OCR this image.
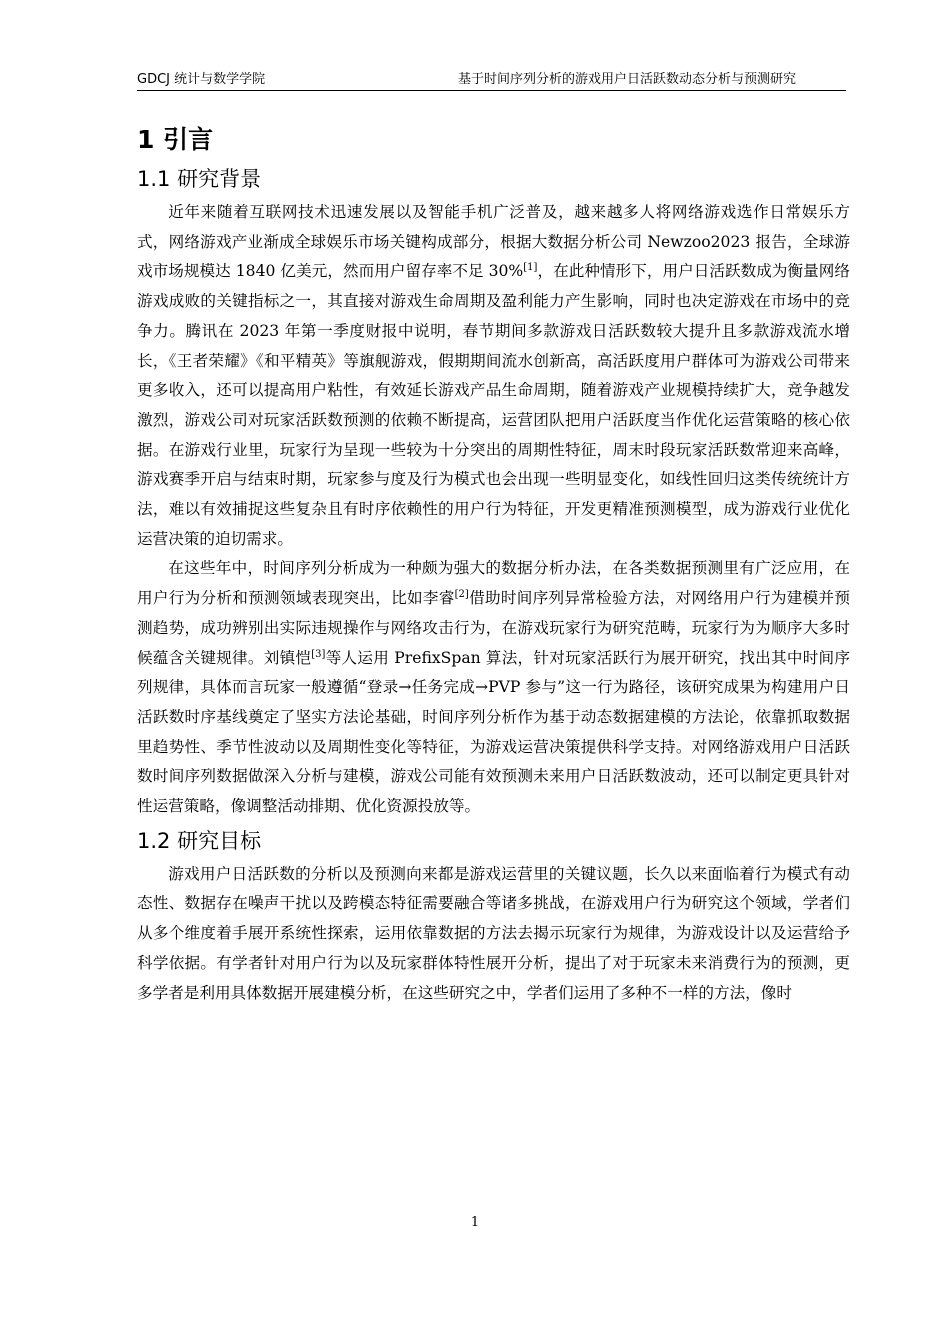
GDCJ 统计与数学学院	基于时间序列分析的游戏用户日活跃数动态分析与预测研究
1 引言
1.1 研究背景

近年来随着互联网技术迅速发展以及智能手机广泛普及，越来越多人将网络游戏选作日常娱乐方式，网络游戏产业渐成全球娱乐市场关键构成部分，根据大数据分析公司 Newzoo2023 报告，全球游戏市场规模达 1840 亿美元，然而用户留存率不足 30%[1]，在此种情形下，用户日活跃数成为衡量网络游戏成败的关键指标之一，其直接对游戏生命周期及盈利能力产生影响，同时也决定游戏在市场中的竞争力。腾讯在 2023 年第一季度财报中说明，春节期间多款游戏日活跃数较大提升且多款游戏流水增长，《王者荣耀》《和平精英》等旗舰游戏，假期期间流水创新高，高活跃度用户群体可为游戏公司带来更多收入，还可以提高用户粘性，有效延长游戏产品生命周期，随着游戏产业规模持续扩大，竞争越发激烈，游戏公司对玩家活跃数预测的依赖不断提高，运营团队把用户活跃度当作优化运营策略的核心依据。在游戏行业里，玩家行为呈现一些较为十分突出的周期性特征，周末时段玩家活跃数常迎来高峰，游戏赛季开启与结束时期，玩家参与度及行为模式也会出现一些明显变化，如线性回归这类传统统计方法，难以有效捕捉这些复杂且有时序依赖性的用户行为特征，开发更精准预测模型，成为游戏行业优化运营决策的迫切需求。

在这些年中，时间序列分析成为一种颇为强大的数据分析办法，在各类数据预测里有广泛应用，在用户行为分析和预测领域表现突出，比如李睿[2]借助时间序列异常检验方法，对网络用户行为建模并预测趋势，成功辨别出实际违规操作与网络攻击行为，在游戏玩家行为研究范畴，玩家行为为顺序大多时候蕴含关键规律。刘镇恺[3]等人运用 PrefixSpan 算法，针对玩家活跃行为展开研究，找出其中时间序列规律，具体而言玩家一般遵循“登录→任务完成→PVP 参与”这一行为路径，该研究成果为构建用户日活跃数时序基线奠定了坚实方法论基础，时间序列分析作为基于动态数据建模的方法论，依靠抓取数据里趋势性、季节性波动以及周期性变化等特征，为游戏运营决策提供科学支持。对网络游戏用户日活跃数时间序列数据做深入分析与建模，游戏公司能有效预测未来用户日活跃数波动，还可以制定更具针对性运营策略，像调整活动排期、优化资源投放等。

1.2 研究目标

游戏用户日活跃数的分析以及预测向来都是游戏运营里的关键议题，长久以来面临着行为模式有动态性、数据存在噪声干扰以及跨模态特征需要融合等诸多挑战，在游戏用户行为研究这个领域，学者们从多个维度着手展开系统性探索，运用依靠数据的方法去揭示玩家行为规律，为游戏设计以及运营给予科学依据。有学者针对用户行为以及玩家群体特性展开分析，提出了对于玩家未来消费行为的预测，更多学者是利用具体数据开展建模分析，在这些研究之中，学者们运用了多种不一样的方法，像时

1
